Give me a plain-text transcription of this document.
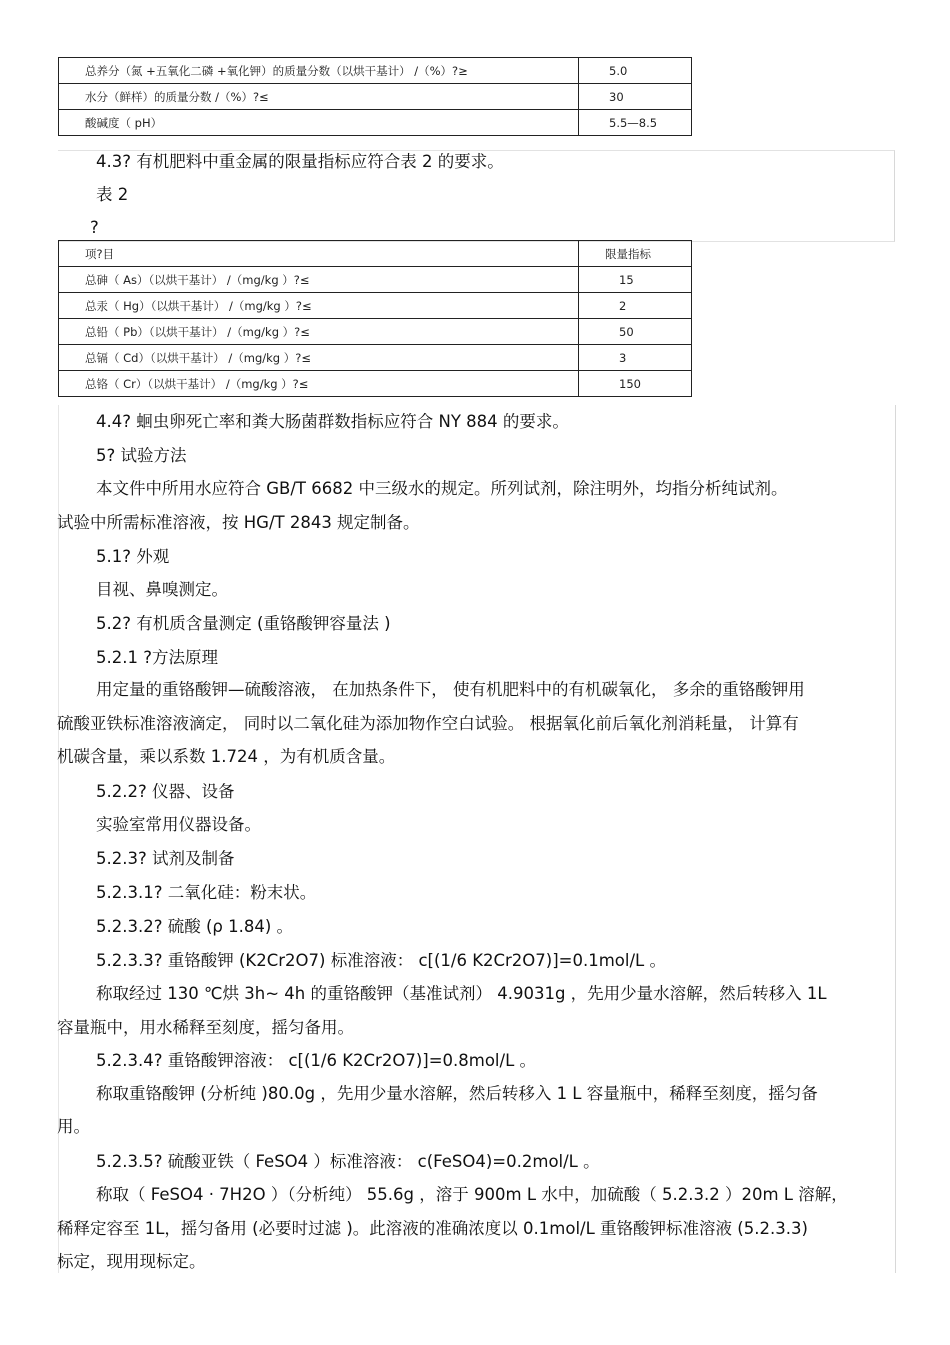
总养分（氮 +五氧化二磷 +氧化钾）的质量分数（以烘干基计） /（%）?≥	5.0
水分（鲜样）的质量分数 /（%）?≤	30
酸碱度（ pH）	5.5—8.5
4.3? 有机肥料中重金属的限量指标应符合表 2 的要求。
表 2
?
项?目	限量指标
总砷（ As）（以烘干基计） /（mg/kg ）?≤	15
总汞（ Hg）（以烘干基计） /（mg/kg ）?≤	2
总铅（ Pb）（以烘干基计） /（mg/kg ）?≤	50
总镉（ Cd）（以烘干基计） /（mg/kg ）?≤	3
总铬（ Cr）（以烘干基计） /（mg/kg ）?≤	150
4.4? 蛔虫卵死亡率和粪大肠菌群数指标应符合 NY 884 的要求。
5? 试验方法
本文件中所用水应符合 GB/T 6682 中三级水的规定。所列试剂，除注明外，均指分析纯试剂。
试验中所需标准溶液，按 HG/T 2843 规定制备。
5.1? 外观
目视、鼻嗅测定。
5.2? 有机质含量测定 (重铬酸钾容量法 )
5.2.1 ?方法原理
用定量的重铬酸钾—硫酸溶液， 在加热条件下， 使有机肥料中的有机碳氧化， 多余的重铬酸钾用
硫酸亚铁标准溶液滴定， 同时以二氧化硅为添加物作空白试验。 根据氧化前后氧化剂消耗量， 计算有
机碳含量，乘以系数 1.724 ，为有机质含量。
5.2.2? 仪器、设备
实验室常用仪器设备。
5.2.3? 试剂及制备
5.2.3.1? 二氧化硅：粉末状。
5.2.3.2? 硫酸 (ρ 1.84) 。
5.2.3.3? 重铬酸钾 (K2Cr2O7) 标准溶液： c[(1/6 K2Cr2O7)]=0.1mol/L 。
称取经过 130 ℃烘 3h~ 4h 的重铬酸钾（基准试剂） 4.9031g ，先用少量水溶解，然后转移入 1L
容量瓶中，用水稀释至刻度，摇匀备用。
5.2.3.4? 重铬酸钾溶液： c[(1/6 K2Cr2O7)]=0.8mol/L 。
称取重铬酸钾 (分析纯 )80.0g ，先用少量水溶解，然后转移入 1 L 容量瓶中，稀释至刻度，摇匀备
用。
5.2.3.5? 硫酸亚铁（ FeSO4 ）标准溶液： c(FeSO4)=0.2mol/L 。
称取（ FeSO4 · 7H2O ）（分析纯） 55.6g ，溶于 900m L 水中，加硫酸（ 5.2.3.2 ）20m L 溶解，
稀释定容至 1L，摇匀备用 (必要时过滤 )。此溶液的准确浓度以 0.1mol/L 重铬酸钾标准溶液 (5.2.3.3)
标定，现用现标定。
